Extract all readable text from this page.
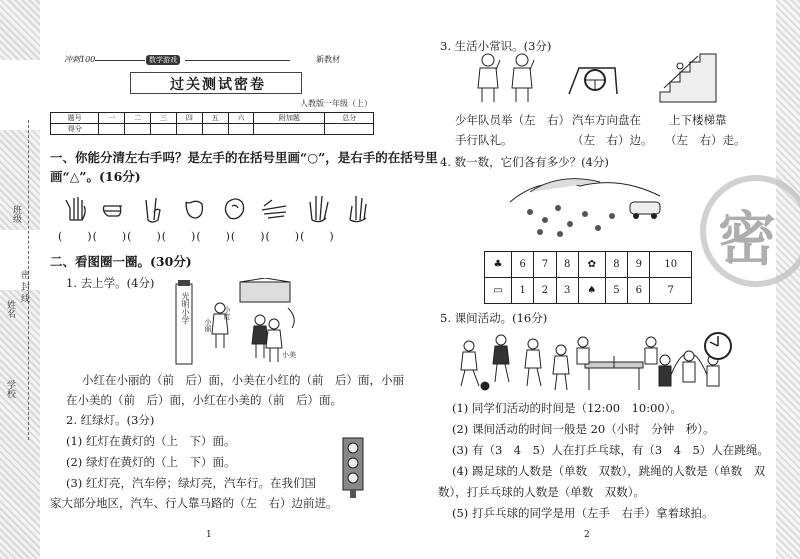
学校
姓名
密 封 线
班级
冲刺100	数学游戏	新教材
过关测试密卷
人教版一年级（上）
题号	一	二	三	四	五	六	附加题	总分
得分								
一、你能分清左右手吗？是左手的在括号里画“○”，是右手的在括号里
画“△”。(16分)
(　　)(　　)(　　)(　　)(　　)(　　)(　　)(　　)
二、看图圈一圈。(30分)
1. 去上学。(4分)
光明小学
小丽
小红
小美
小红在小丽的（前　后）面，小美在小红的（前　后）面，小丽
在小美的（前　后）面，小红在小美的（前　后）面。
2. 红绿灯。(3分)
(1) 红灯在黄灯的（上　下）面。
(2) 绿灯在黄灯的（上　下）面。
(3) 红灯亮，汽车停；绿灯亮，汽车行。在我们国
家大部分地区，汽车、行人靠马路的（左　右）边前进。
1
3. 生活小常识。(3分)
少年队员举（左　右）
手行队礼。
汽车方向盘在
（左　右）边。
上下楼梯靠
（左　右）走。
4. 数一数，它们各有多少？(4分)
♣	6	7	8	✿	8	9	10
▭	1	2	3	♠	5	6	7
5. 课间活动。(16分)
(1) 同学们活动的时间是（12:00　10:00）。
(2) 课间活动的时间一般是 20（小时　分钟　秒）。
(3) 有（3　4　5）人在打乒乓球，有（3　4　5）人在跳绳。
(4) 踢足球的人数是（单数　双数），跳绳的人数是（单数　双
数），打乒乓球的人数是（单数　双数）。
(5) 打乒乓球的同学是用（左手　右手）拿着球拍。
2
密
